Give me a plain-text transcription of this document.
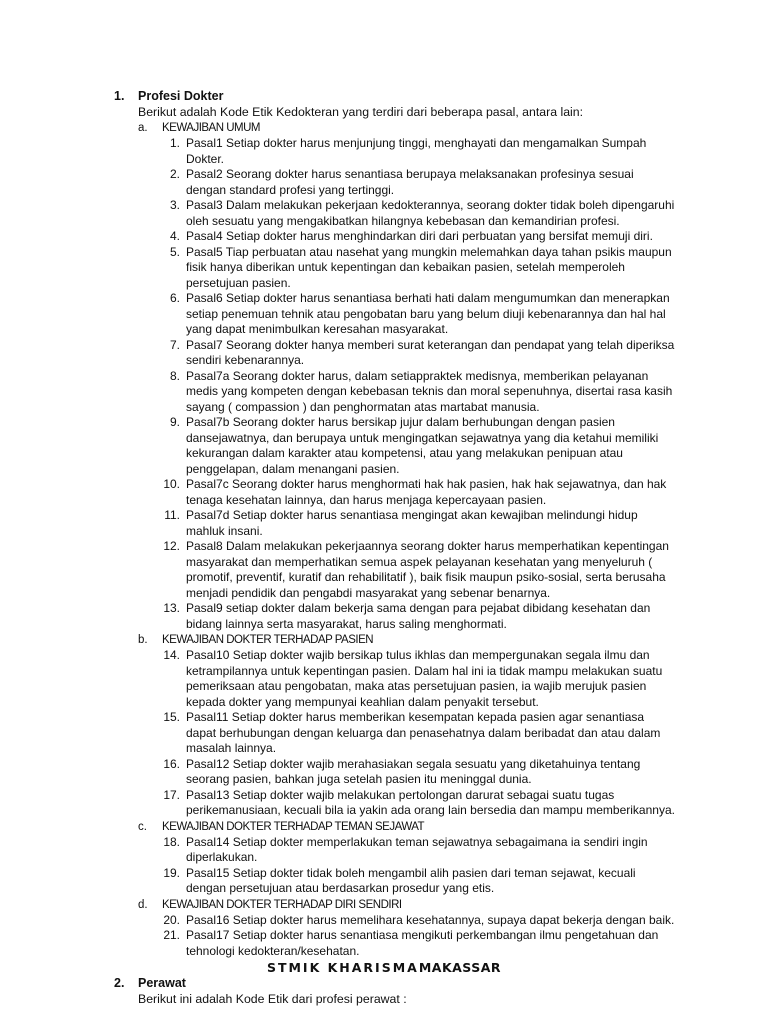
1. Profesi Dokter
Berikut adalah Kode Etik Kedokteran yang terdiri dari beberapa pasal, antara lain:
a. KEWAJIBAN UMUM
1. Pasal1 Setiap dokter harus menjunjung tinggi, menghayati dan mengamalkan Sumpah Dokter.
2. Pasal2 Seorang dokter harus senantiasa berupaya melaksanakan profesinya sesuai dengan standard profesi yang tertinggi.
3. Pasal3 Dalam melakukan pekerjaan kedokterannya, seorang dokter tidak boleh dipengaruhi oleh sesuatu yang mengakibatkan hilangnya kebebasan dan kemandirian profesi.
4. Pasal4 Setiap dokter harus menghindarkan diri dari perbuatan yang bersifat memuji diri.
5. Pasal5 Tiap perbuatan atau nasehat yang mungkin melemahkan daya tahan psikis maupun fisik hanya diberikan untuk kepentingan dan kebaikan pasien, setelah memperoleh persetujuan pasien.
6. Pasal6 Setiap dokter harus senantiasa berhati hati dalam mengumumkan dan menerapkan setiap penemuan tehnik atau pengobatan baru yang belum diuji kebenarannya dan hal hal yang dapat menimbulkan keresahan masyarakat.
7. Pasal7 Seorang dokter hanya memberi surat keterangan dan pendapat yang telah diperiksa sendiri kebenarannya.
8. Pasal7a Seorang dokter harus, dalam setiappraktek medisnya, memberikan pelayanan medis yang kompeten dengan kebebasan teknis dan moral sepenuhnya, disertai rasa kasih sayang ( compassion ) dan penghormatan atas martabat manusia.
9. Pasal7b Seorang dokter harus bersikap jujur dalam berhubungan dengan pasien dansejawatnya, dan berupaya untuk mengingatkan sejawatnya yang dia ketahui memiliki kekurangan dalam karakter atau kompetensi, atau yang melakukan penipuan atau penggelapan, dalam menangani pasien.
10. Pasal7c Seorang dokter harus menghormati hak hak pasien, hak hak sejawatnya, dan hak tenaga kesehatan lainnya, dan harus menjaga kepercayaan pasien.
11. Pasal7d Setiap dokter harus senantiasa mengingat akan kewajiban melindungi hidup mahluk insani.
12. Pasal8 Dalam melakukan pekerjaannya seorang dokter harus memperhatikan kepentingan masyarakat dan memperhatikan semua aspek pelayanan kesehatan yang menyeluruh ( promotif, preventif, kuratif dan rehabilitatif ), baik fisik maupun psiko-sosial, serta berusaha menjadi pendidik dan pengabdi masyarakat yang sebenar benarnya.
13. Pasal9 setiap dokter dalam bekerja sama dengan para pejabat dibidang kesehatan dan bidang lainnya serta masyarakat, harus saling menghormati.
b. KEWAJIBAN DOKTER TERHADAP PASIEN
14. Pasal10 Setiap dokter wajib bersikap tulus ikhlas dan mempergunakan segala ilmu dan ketrampilannya untuk kepentingan pasien. Dalam hal ini ia tidak mampu melakukan suatu pemeriksaan atau pengobatan, maka atas persetujuan pasien, ia wajib merujuk pasien kepada dokter yang mempunyai keahlian dalam penyakit tersebut.
15. Pasal11 Setiap dokter harus memberikan kesempatan kepada pasien agar senantiasa dapat berhubungan dengan keluarga dan penasehatnya dalam beribadat dan atau dalam masalah lainnya.
16. Pasal12 Setiap dokter wajib merahasiakan segala sesuatu yang diketahuinya tentang seorang pasien, bahkan juga setelah pasien itu meninggal dunia.
17. Pasal13 Setiap dokter wajib melakukan pertolongan darurat sebagai suatu tugas perikemanusiaan, kecuali bila ia yakin ada orang lain bersedia dan mampu memberikannya.
c. KEWAJIBAN DOKTER TERHADAP TEMAN SEJAWAT
18. Pasal14 Setiap dokter memperlakukan teman sejawatnya sebagaimana ia sendiri ingin diperlakukan.
19. Pasal15 Setiap dokter tidak boleh mengambil alih pasien dari teman sejawat, kecuali dengan persetujuan atau berdasarkan prosedur yang etis.
d. KEWAJIBAN DOKTER TERHADAP DIRI SENDIRI
20. Pasal16 Setiap dokter harus memelihara kesehatannya, supaya dapat bekerja dengan baik.
21. Pasal17 Setiap dokter harus senantiasa mengikuti perkembangan ilmu pengetahuan dan tehnologi kedokteran/kesehatan.
2. Perawat
Berikut ini adalah Kode Etik dari profesi perawat :
STMIK KHARISMAMAKASSAR
